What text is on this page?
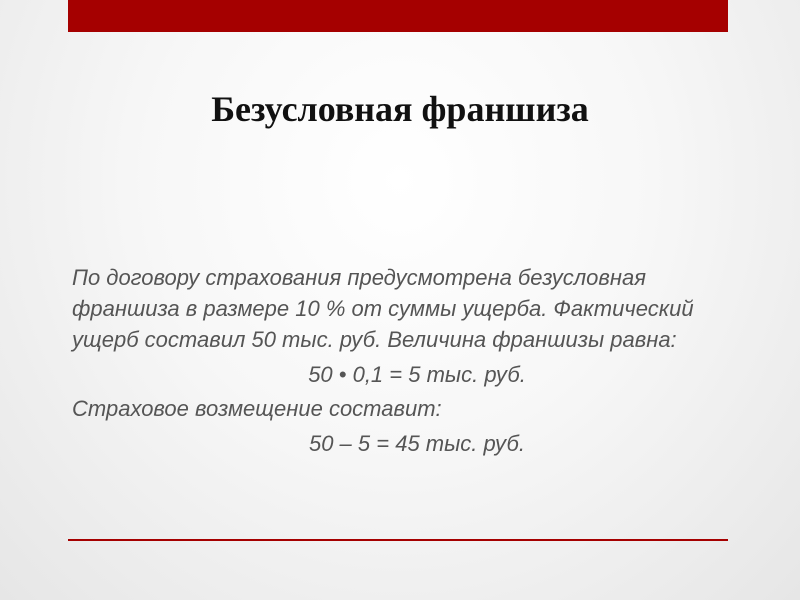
Безусловная франшиза

По договору страхования предусмотрена безусловная

франшиза в размере 10 % от суммы ущерба. Фактический

ущерб составил 50 тыс. руб. Величина франшизы равна:

50 • 0,1 = 5 тыс. руб.

Страховое возмещение составит:

50 – 5 = 45 тыс. руб.
